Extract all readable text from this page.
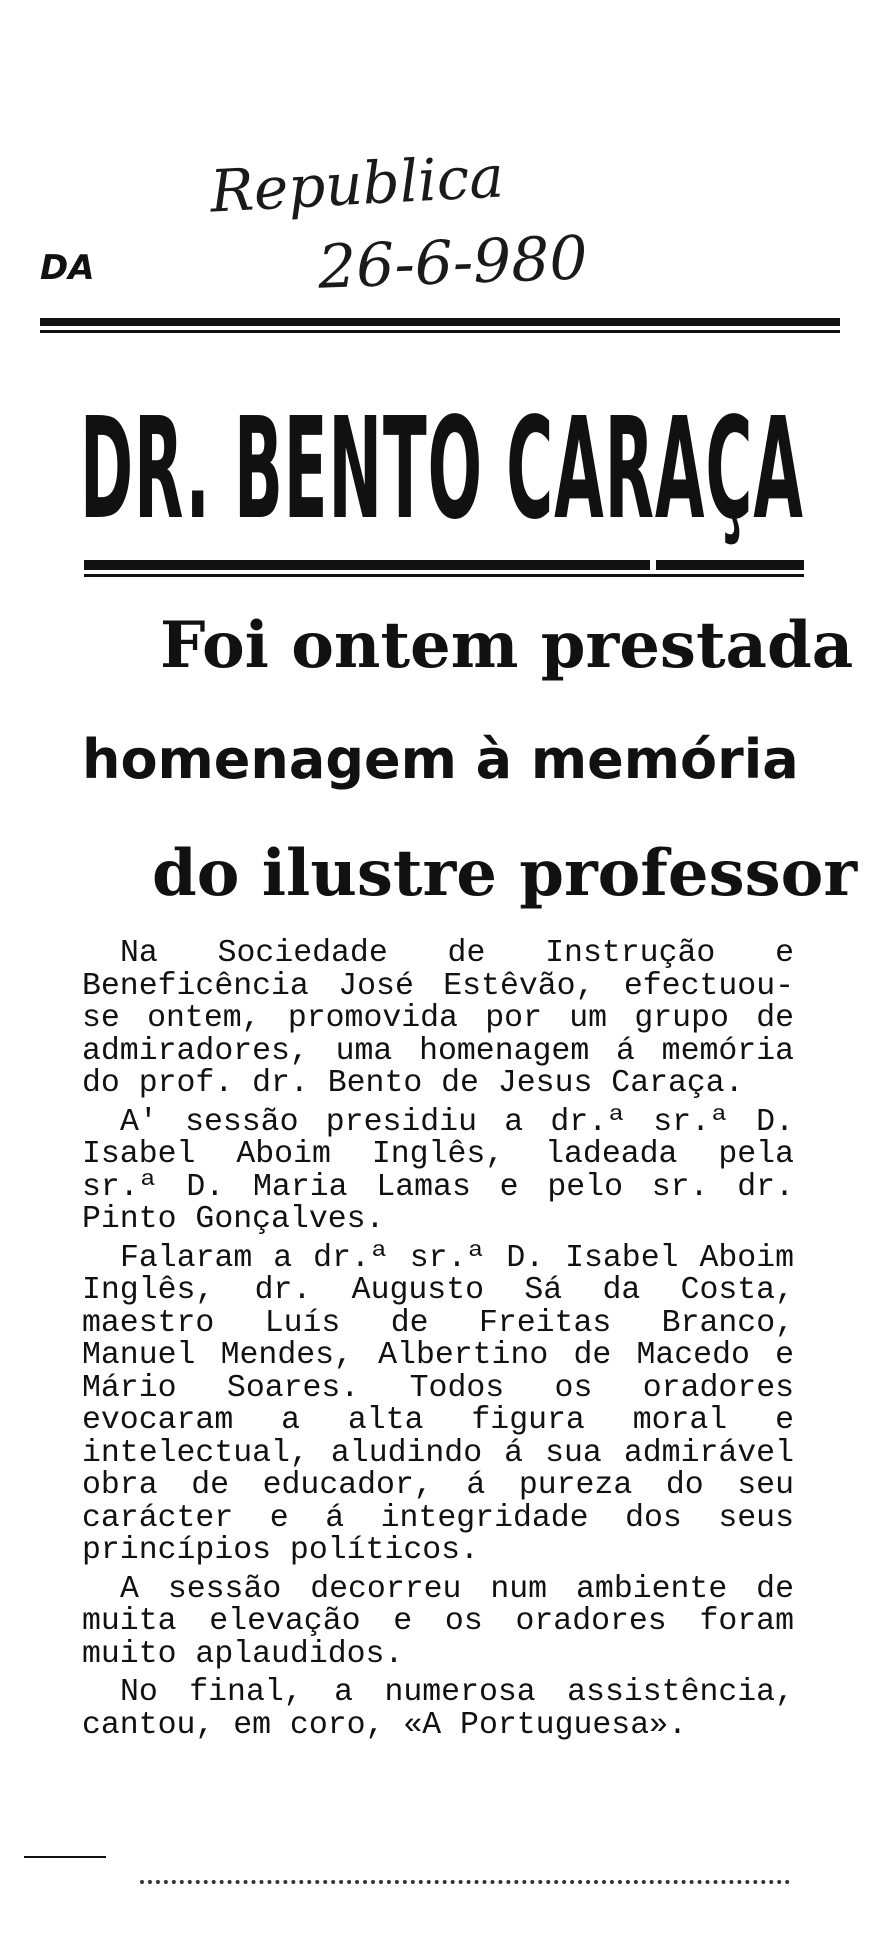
Republica
26-6-980
DA
DR. BENTO CARAÇA
Foi ontem prestada
homenagem à memória
do ilustre professor

Na Sociedade de Instrução e Beneficência José Estêvão, efectuou-se ontem, promovida por um grupo de admiradores, uma homenagem á memória do prof. dr. Bento de Jesus Caraça.

A' sessão presidiu a dr.ª sr.ª D. Isabel Aboim Inglês, ladeada pela sr.ª D. Maria Lamas e pelo sr. dr. Pinto Gonçalves.

Falaram a dr.ª sr.ª D. Isabel Aboim Inglês, dr. Augusto Sá da Costa, maestro Luís de Freitas Branco, Manuel Mendes, Albertino de Macedo e Mário Soares. Todos os oradores evocaram a alta figura moral e intelectual, aludindo á sua admirável obra de educador, á pureza do seu carácter e á integridade dos seus princípios políticos.

A sessão decorreu num ambiente de muita elevação e os oradores foram muito aplaudidos.

No final, a numerosa assistência, cantou, em coro, «A Portuguesa».
